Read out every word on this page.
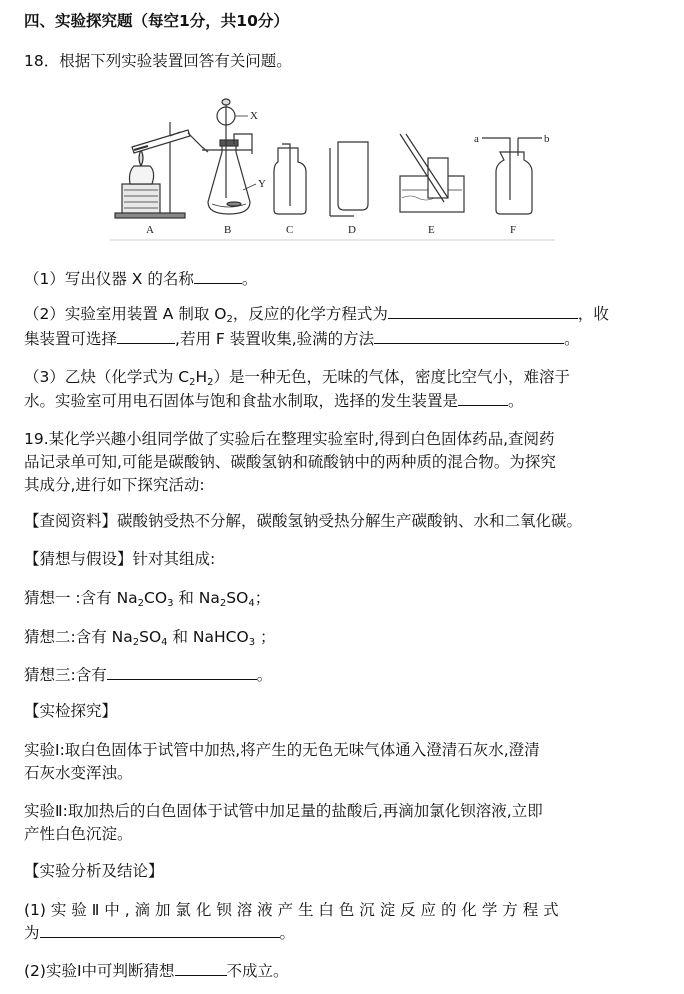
四、实验探究题（每空1分，共10分）
18．根据下列实验装置回答有关问题。
X
Y
a	b
A	B	C	D	E	F
（1）写出仪器 X 的名称	。
（2）实验室用装置 A 制取 $O_2$，反应的化学方程式为	，收
集装置可选择	,若用 F 装置收集,验满的方法	。
（3）乙炔（化学式为 $C_2H_2$）是一种无色，无味的气体，密度比空气小，难溶于
水。实验室可用电石固体与饱和食盐水制取，选择的发生装置是	。
19.某化学兴趣小组同学做了实验后在整理实验室时,得到白色固体药品,查阅药
品记录单可知,可能是碳酸钠、碳酸氢钠和硫酸钠中的两种质的混合物。为探究
其成分,进行如下探究活动:
【查阅资料】碳酸钠受热不分解，碳酸氢钠受热分解生产碳酸钠、水和二氧化碳。
【猜想与假设】针对其组成:
猜想一 :含有 $Na_2CO_3$ 和 $Na_2SO_4$；
猜想二:含有 $Na_2SO_4$ 和 NaHCO$_3$ ；
猜想三:含有	。
【实检探究】
实验Ⅰ:取白色固体于试管中加热,将产生的无色无味气体通入澄清石灰水,澄清
石灰水变浑浊。
实验Ⅱ:取加热后的白色固体于试管中加足量的盐酸后,再滴加氯化钡溶液,立即
产性白色沉淀。
【实验分析及结论】
(1) 实 验 Ⅱ 中 , 滴 加 氯 化 钡 溶 液 产 生 白 色 沉 淀 反 应 的 化 学 方 程 式
为	。
(2)实验Ⅰ中可判断猜想	不成立。
